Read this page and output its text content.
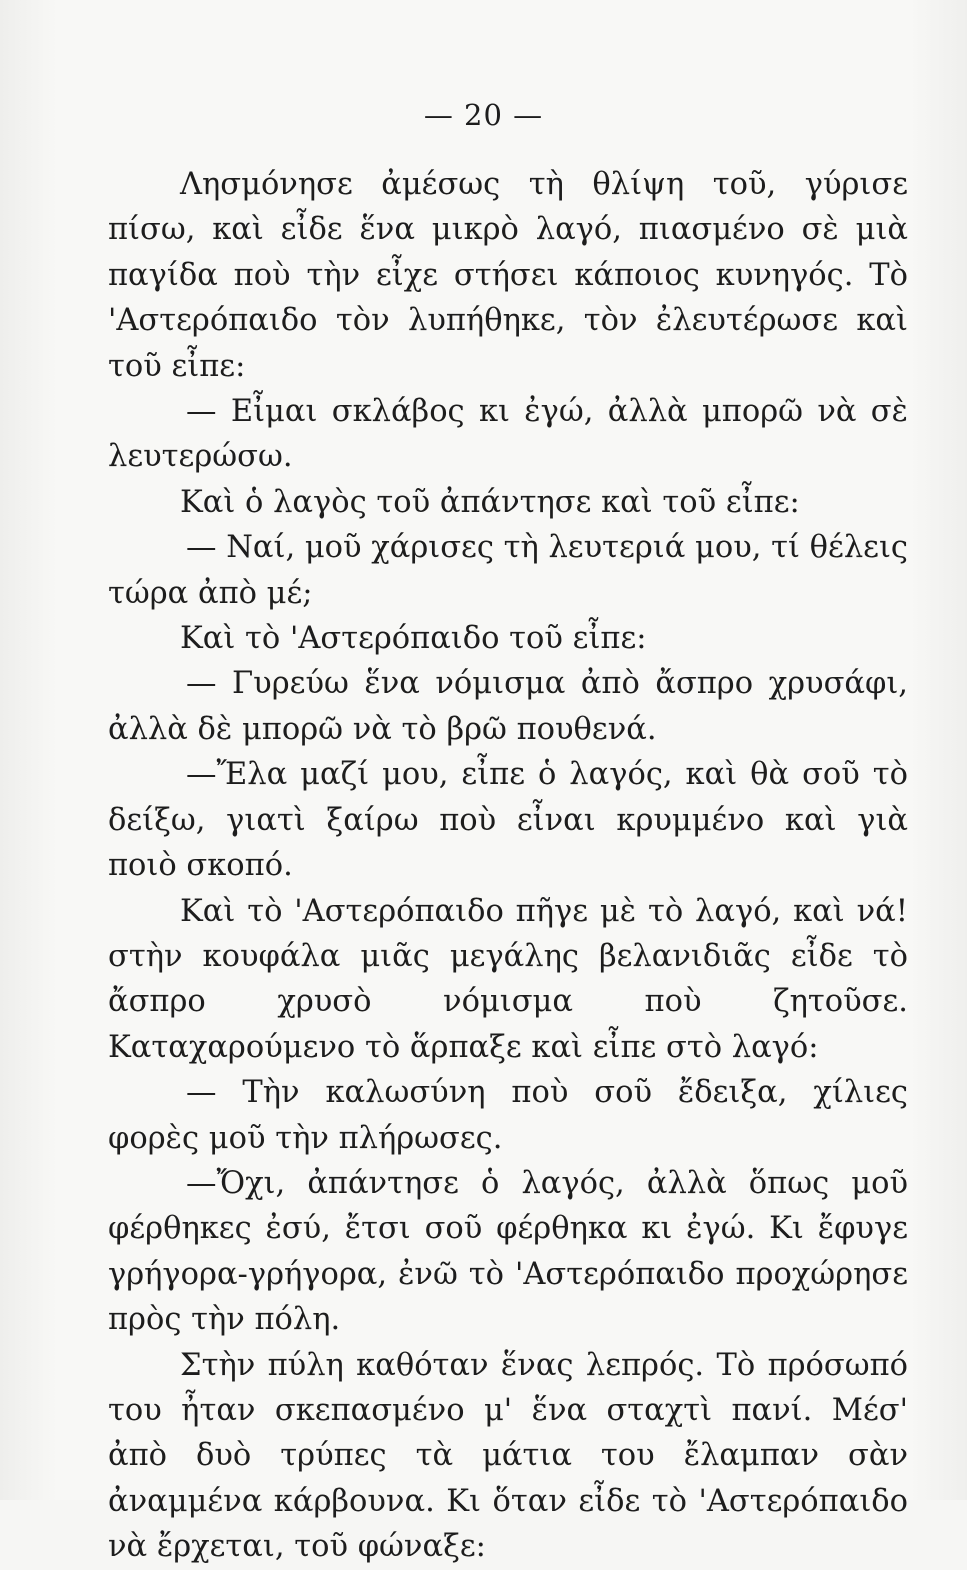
— 20 —

Λησμόνησε ἀμέσως τὴ θλίψη τοῦ, γύρισε πίσω, καὶ εἶδε ἕνα μικρὸ λαγό, πιασμένο σὲ μιὰ παγίδα ποὺ τὴν εἶχε στήσει κάποιος κυνηγός. Τὸ 'Αστερόπαιδο τὸν λυπήθηκε, τὸν ἐλευτέρωσε καὶ τοῦ εἶπε:

— Εἶμαι σκλάβος κι ἐγώ, ἀλλὰ μπορῶ νὰ σὲ λευτερώσω.

Καὶ ὁ λαγὸς τοῦ ἀπάντησε καὶ τοῦ εἶπε:

— Ναί, μοῦ χάρισες τὴ λευτεριά μου, τί θέλεις τώρα ἀπὸ μέ;

Καὶ τὸ 'Αστερόπαιδο τοῦ εἶπε:

— Γυρεύω ἕνα νόμισμα ἀπὸ ἄσπρο χρυσάφι, ἀλλὰ δὲ μπορῶ νὰ τὸ βρῶ πουθενά.

—Ἔλα μαζί μου, εἶπε ὁ λαγός, καὶ θὰ σοῦ τὸ δείξω, γιατὶ ξαίρω ποὺ εἶναι κρυμμένο καὶ γιὰ ποιὸ σκοπό.

Καὶ τὸ 'Αστερόπαιδο πῆγε μὲ τὸ λαγό, καὶ νά! στὴν κουφάλα μιᾶς μεγάλης βελανιδιᾶς εἶδε τὸ ἄσπρο χρυσὸ νόμισμα ποὺ ζητοῦσε. Καταχαρούμενο τὸ ἅρπαξε καὶ εἶπε στὸ λαγό:

— Τὴν καλωσύνη ποὺ σοῦ ἔδειξα, χίλιες φορὲς μοῦ τὴν πλήρωσες.

—Ὄχι, ἀπάντησε ὁ λαγός, ἀλλὰ ὅπως μοῦ φέρθηκες ἐσύ, ἔτσι σοῦ φέρθηκα κι ἐγώ. Κι ἔφυγε γρήγορα-γρήγορα, ἐνῶ τὸ 'Αστερόπαιδο προχώρησε πρὸς τὴν πόλη.

Στὴν πύλη καθόταν ἕνας λεπρός. Τὸ πρόσωπό του ἦταν σκεπασμένο μ' ἕνα σταχτὶ πανί. Μέσ' ἀπὸ δυὸ τρύπες τὰ μάτια του ἔλαμπαν σὰν ἀναμμένα κάρβουνα. Κι ὅταν εἶδε τὸ 'Αστερόπαιδο νὰ ἔρχεται, τοῦ φώναξε:
